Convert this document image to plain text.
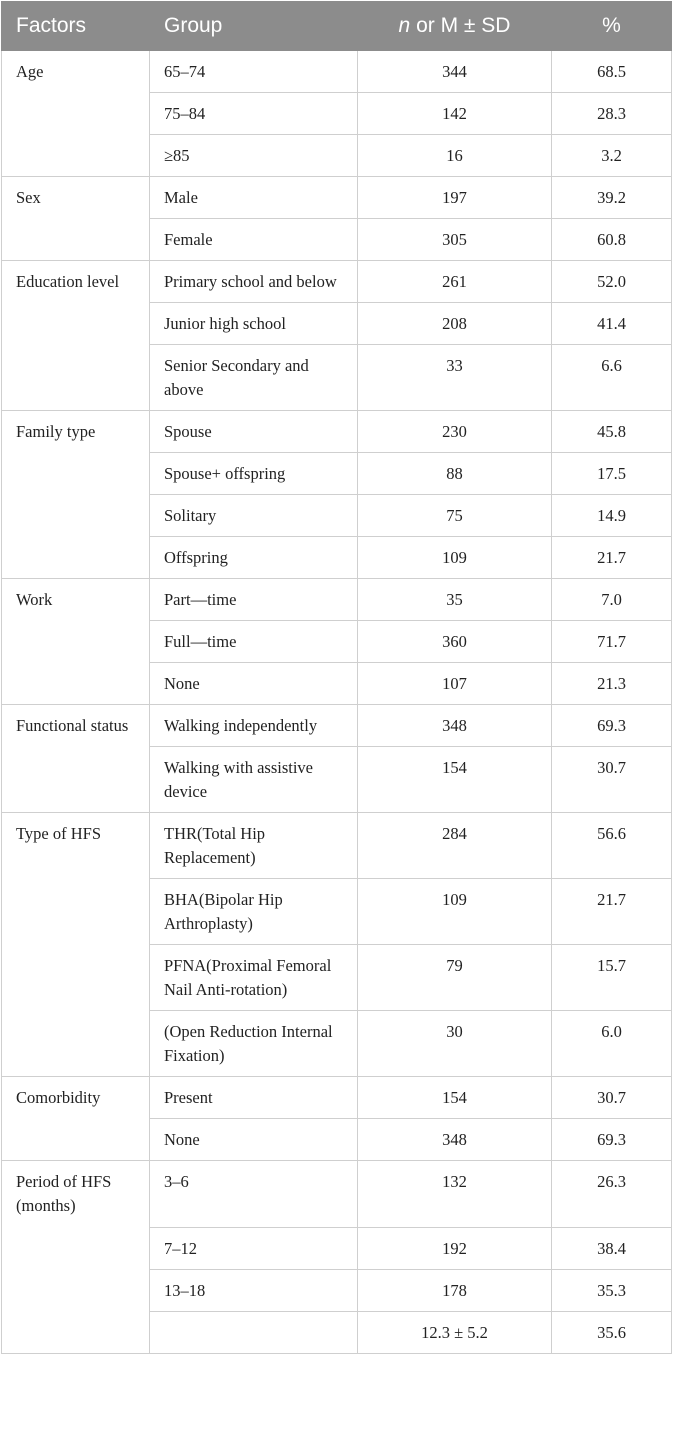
Factors	Group	n or M ± SD	%
Age	65–74	344	68.5
	75–84	142	28.3
	≥85	16	3.2
Sex	Male	197	39.2
	Female	305	60.8
Education level	Primary school and below	261	52.0
	Junior high school	208	41.4
	Senior Secondary and above	33	6.6
Family type	Spouse	230	45.8
	Spouse+ offspring	88	17.5
	Solitary	75	14.9
	Offspring	109	21.7
Work	Part—time	35	7.0
	Full—time	360	71.7
	None	107	21.3
Functional status	Walking independently	348	69.3
	Walking with assistive device	154	30.7
Type of HFS	THR(Total Hip Replacement)	284	56.6
	BHA(Bipolar Hip Arthroplasty)	109	21.7
	PFNA(Proximal Femoral Nail Anti-rotation)	79	15.7
	(Open Reduction Internal Fixation)	30	6.0
Comorbidity	Present	154	30.7
	None	348	69.3
Period of HFS (months)	3–6	132	26.3
	7–12	192	38.4
	13–18	178	35.3
		12.3 ± 5.2	35.6
